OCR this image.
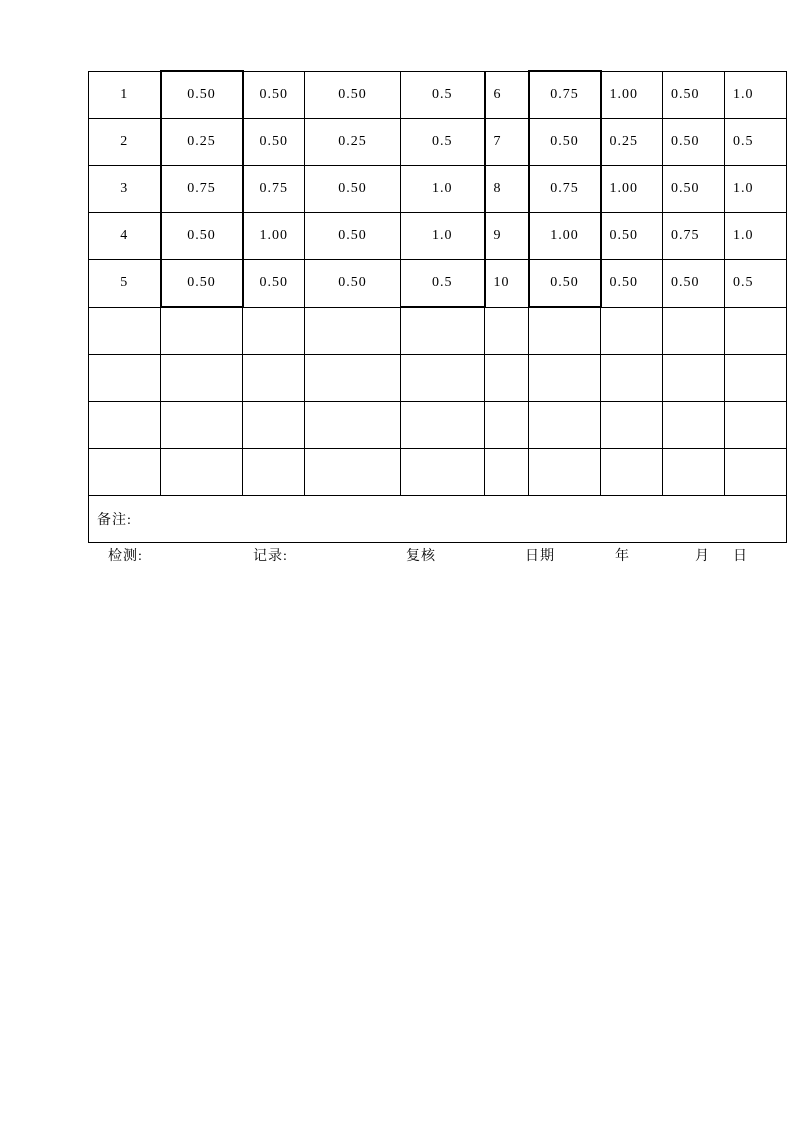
1	0.50	0.50	0.50	0.5	6	0.75	1.00	0.50	1.0
2	0.25	0.50	0.25	0.5	7	0.50	0.25	0.50	0.5
3	0.75	0.75	0.50	1.0	8	0.75	1.00	0.50	1.0
4	0.50	1.00	0.50	1.0	9	1.00	0.50	0.75	1.0
5	0.50	0.50	0.50	0.5	10	0.50	0.50	0.50	0.5

备注:									
检测:	记录:	复核	日期	年	月 日
